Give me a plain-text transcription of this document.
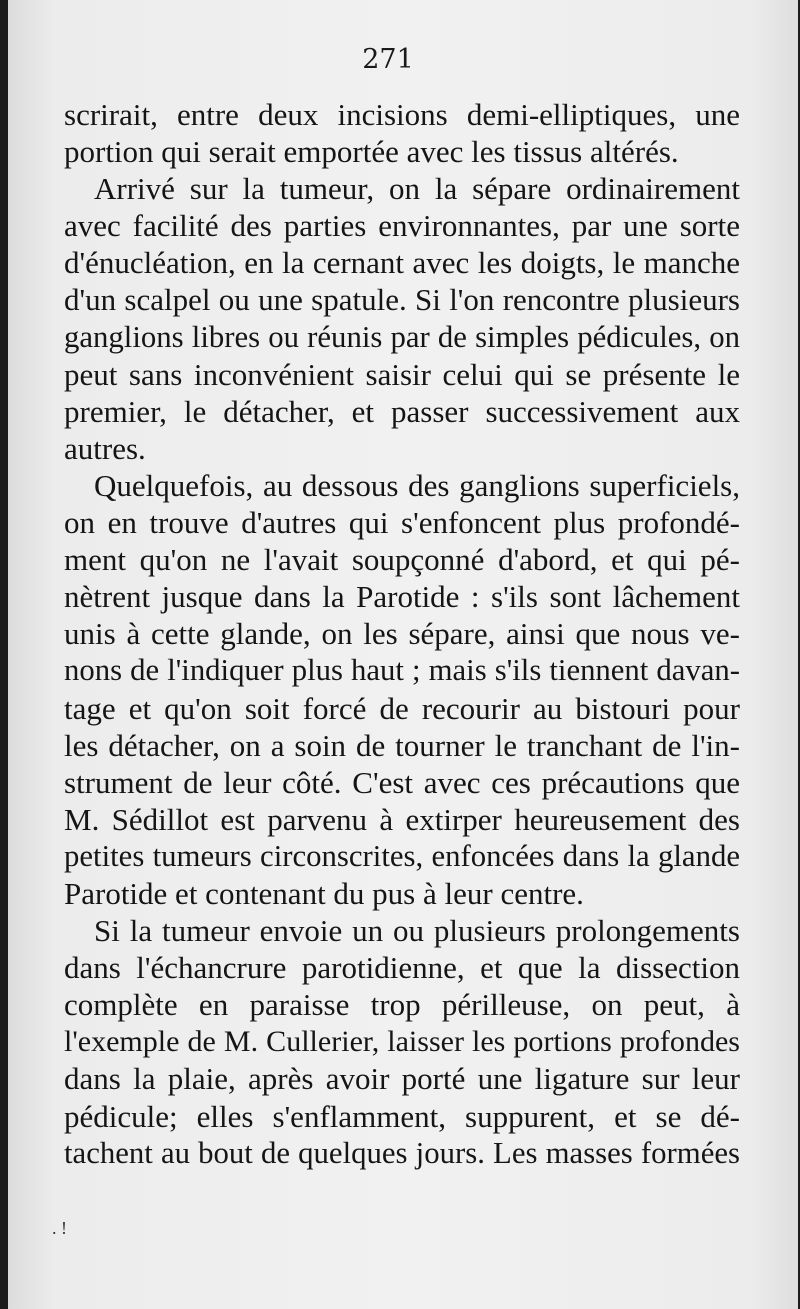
271
scrirait, entre deux incisions demi-elliptiques, une
portion qui serait emportée avec les tissus altérés.
Arrivé sur la tumeur, on la sépare ordinairement
avec facilité des parties environnantes, par une sorte
d'énucléation, en la cernant avec les doigts, le manche
d'un scalpel ou une spatule. Si l'on rencontre plusieurs
ganglions libres ou réunis par de simples pédicules, on
peut sans inconvénient saisir celui qui se présente le
premier, le détacher, et passer successivement aux
autres.
Quelquefois, au dessous des ganglions superficiels,
on en trouve d'autres qui s'enfoncent plus profondé-
ment qu'on ne l'avait soupçonné d'abord, et qui pé-
nètrent jusque dans la Parotide : s'ils sont lâchement
unis à cette glande, on les sépare, ainsi que nous ve-
nons de l'indiquer plus haut ; mais s'ils tiennent davan-
tage et qu'on soit forcé de recourir au bistouri pour
les détacher, on a soin de tourner le tranchant de l'in-
strument de leur côté. C'est avec ces précautions que
M. Sédillot est parvenu à extirper heureusement des
petites tumeurs circonscrites, enfoncées dans la glande
Parotide et contenant du pus à leur centre.
Si la tumeur envoie un ou plusieurs prolongements
dans l'échancrure parotidienne, et que la dissection
complète en paraisse trop périlleuse, on peut, à
l'exemple de M. Cullerier, laisser les portions profondes
dans la plaie, après avoir porté une ligature sur leur
pédicule; elles s'enflamment, suppurent, et se dé-
tachent au bout de quelques jours. Les masses formées
. !
